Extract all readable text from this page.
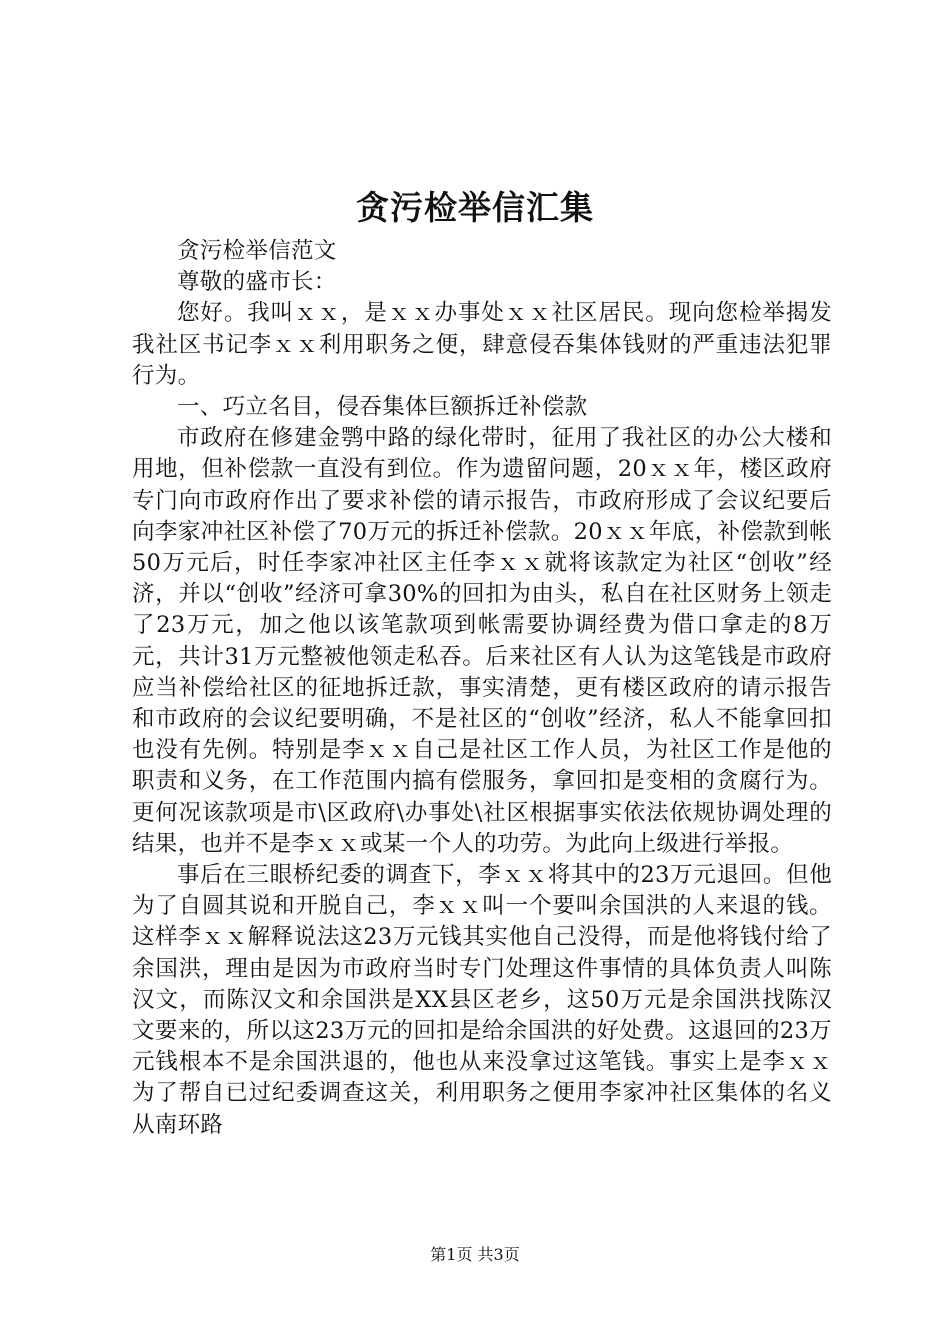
贪污检举信汇集

贪污检举信范文

尊敬的盛市长：

您好。我叫ｘｘ，是ｘｘ办事处ｘｘ社区居民。现向您检举揭发我社区书记李ｘｘ利用职务之便，肆意侵吞集体钱财的严重违法犯罪行为。

一、巧立名目，侵吞集体巨额拆迁补偿款

市政府在修建金鹗中路的绿化带时，征用了我社区的办公大楼和用地，但补偿款一直没有到位。作为遗留问题，20ｘｘ年，楼区政府专门向市政府作出了要求补偿的请示报告，市政府形成了会议纪要后向李家冲社区补偿了70万元的拆迁补偿款。20ｘｘ年底，补偿款到帐50万元后，时任李家冲社区主任李ｘｘ就将该款定为社区“创收”经济，并以“创收”经济可拿30%的回扣为由头，私自在社区财务上领走了23万元，加之他以该笔款项到帐需要协调经费为借口拿走的8万元，共计31万元整被他领走私吞。后来社区有人认为这笔钱是市政府应当补偿给社区的征地拆迁款，事实清楚，更有楼区政府的请示报告和市政府的会议纪要明确，不是社区的“创收”经济，私人不能拿回扣也没有先例。特别是李ｘｘ自己是社区工作人员，为社区工作是他的职责和义务，在工作范围内搞有偿服务，拿回扣是变相的贪腐行为。更何况该款项是市\区政府\办事处\社区根据事实依法依规协调处理的结果，也并不是李ｘｘ或某一个人的功劳。为此向上级进行举报。

事后在三眼桥纪委的调查下，李ｘｘ将其中的23万元退回。但他为了自圆其说和开脱自己，李ｘｘ叫一个要叫余国洪的人来退的钱。这样李ｘｘ解释说法这23万元钱其实他自己没得，而是他将钱付给了余国洪，理由是因为市政府当时专门处理这件事情的具体负责人叫陈汉文，而陈汉文和余国洪是XX县区老乡，这50万元是余国洪找陈汉文要来的，所以这23万元的回扣是给余国洪的好处费。这退回的23万元钱根本不是余国洪退的，他也从来没拿过这笔钱。事实上是李ｘｘ为了帮自已过纪委调查这关，利用职务之便用李家冲社区集体的名义从南环路

第1页 共3页
